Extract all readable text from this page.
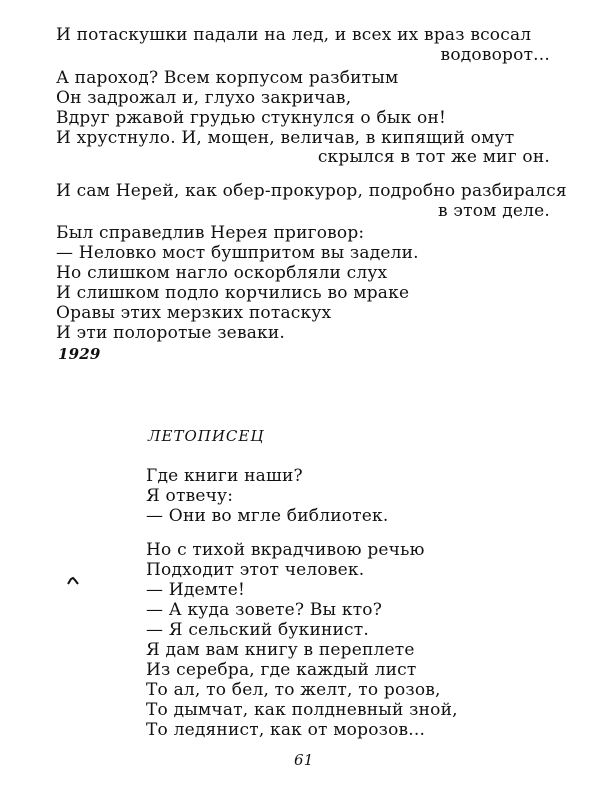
И потаскушки падали на лед, и всех их враз всосал
водоворот...
А пароход? Всем корпусом разбитым
Он задрожал и, глухо закричав,
Вдруг ржавой грудью стукнулся о бык он!
И хрустнуло. И, мощен, величав, в кипящий омут
скрылся в тот же миг он.
И сам Нерей, как обер-прокурор, подробно разбирался
в этом деле.
Был справедлив Нерея приговор:
— Неловко мост бушпритом вы задели.
Но слишком нагло оскорбляли слух
И слишком подло корчились во мраке
Оравы этих мерзких потаскух
И эти полоротые зеваки.
1929
ЛЕТОПИСЕЦ
Где книги наши?
Я отвечу:
— Они во мгле библиотек.
Но с тихой вкрадчивою речью
Подходит этот человек.
— Идемте!
— А куда зовете? Вы кто?
— Я сельский букинист.
Я дам вам книгу в переплете
Из серебра, где каждый лист
То ал, то бел, то желт, то розов,
То дымчат, как полдневный зной,
То ледянист, как от морозов...
61
